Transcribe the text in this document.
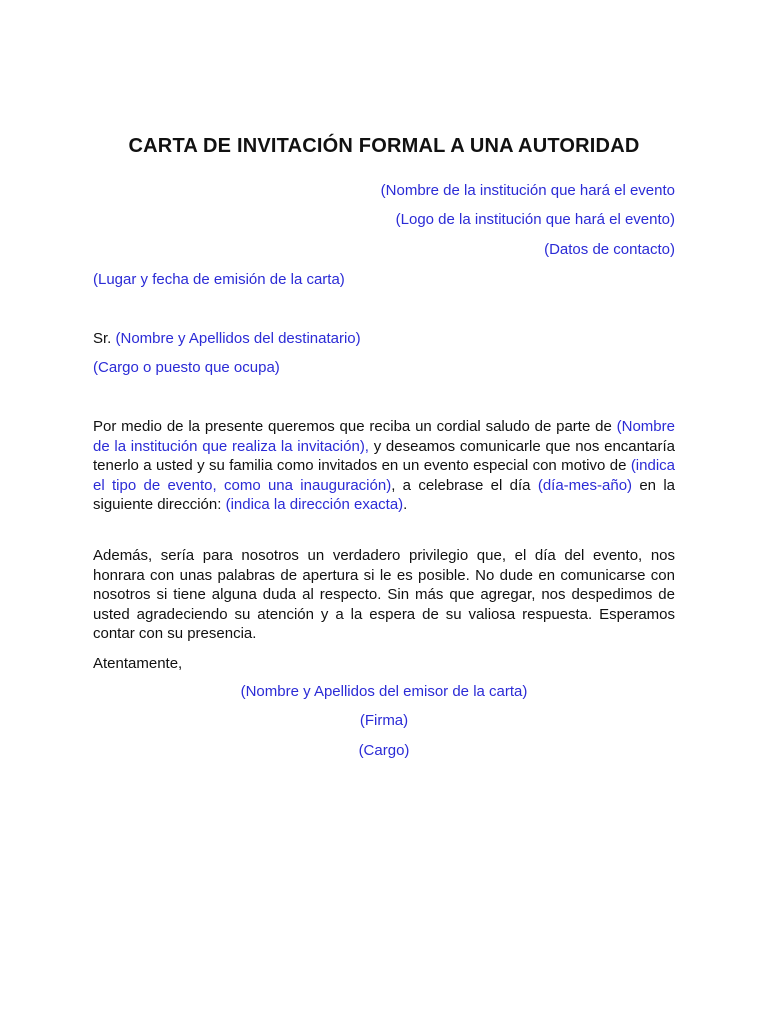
CARTA DE INVITACIÓN FORMAL A UNA AUTORIDAD
(Nombre de la institución que hará el evento
(Logo de la institución que hará el evento)
(Datos de contacto)
(Lugar y fecha de emisión de la carta)
Sr. (Nombre y Apellidos del destinatario)
(Cargo o puesto que ocupa)
Por medio de la presente queremos que reciba un cordial saludo de parte de (Nombre de la institución que realiza la invitación), y deseamos comunicarle que nos encantaría tenerlo a usted y su familia como invitados en un evento especial con motivo de (indica el tipo de evento, como una inauguración), a celebrase el día (día-mes-año) en la siguiente dirección: (indica la dirección exacta).
Además, sería para nosotros un verdadero privilegio que, el día del evento, nos honrara con unas palabras de apertura si le es posible. No dude en comunicarse con nosotros si tiene alguna duda al respecto. Sin más que agregar, nos despedimos de usted agradeciendo su atención y a la espera de su valiosa respuesta. Esperamos contar con su presencia.
Atentamente,
(Nombre y Apellidos del emisor de la carta)
(Firma)
(Cargo)
